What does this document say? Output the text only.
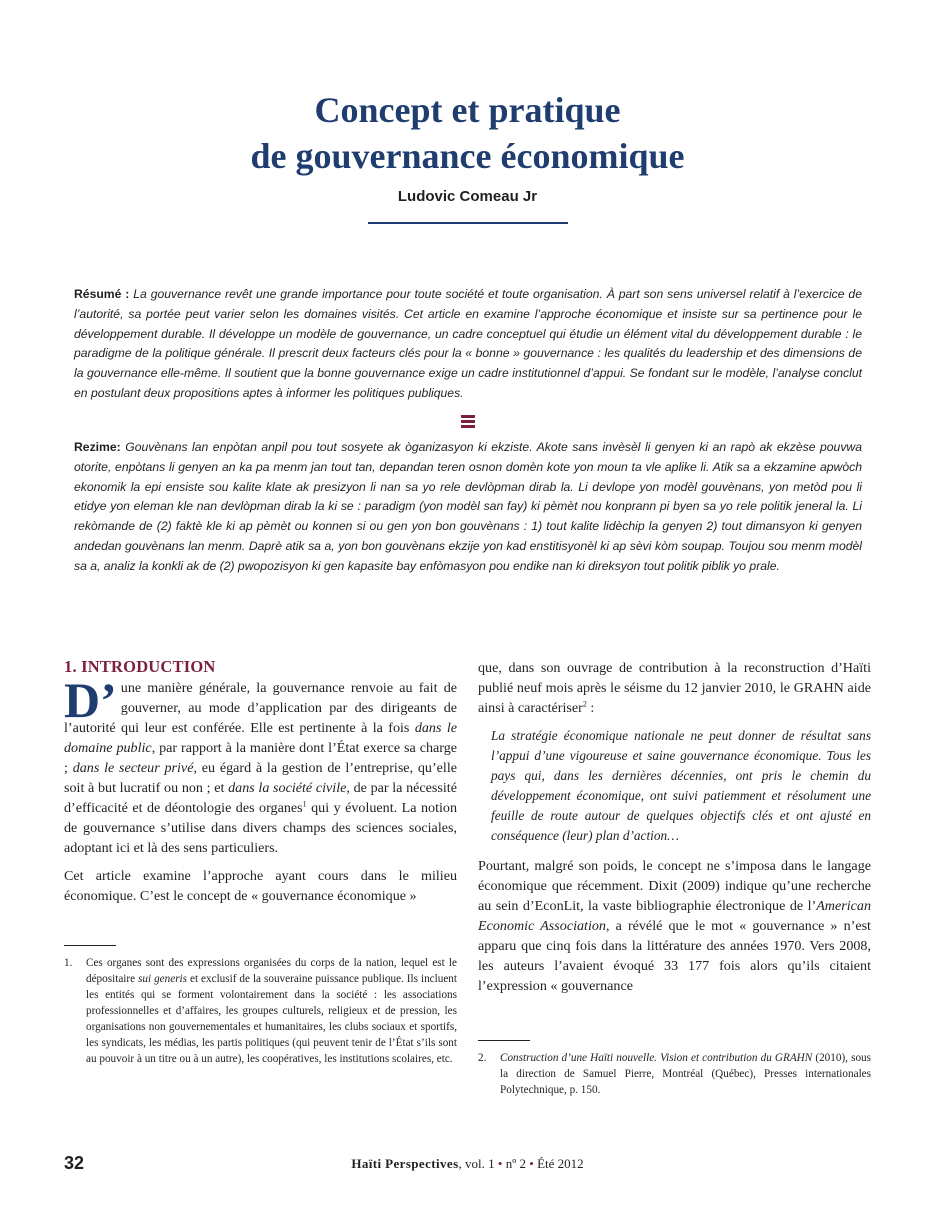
Concept et pratique
de gouvernance économique
Ludovic Comeau Jr

Résumé : La gouvernance revêt une grande importance pour toute société et toute organisation. À part son sens universel relatif à l’exercice de l’autorité, sa portée peut varier selon les domaines visités. Cet article en examine l’approche économique et insiste sur sa pertinence pour le développement durable. Il développe un modèle de gouvernance, un cadre conceptuel qui étudie un élément vital du développement durable : le paradigme de la politique générale. Il prescrit deux facteurs clés pour la « bonne » gouvernance : les qualités du leadership et des dimensions de la gouvernance elle-même. Il soutient que la bonne gouvernance exige un cadre institutionnel d’appui. Se fondant sur le modèle, l’analyse conclut en postulant deux propositions aptes à informer les politiques publiques.

Rezime: Gouvènans lan enpòtan anpil pou tout sosyete ak òganizasyon ki ekziste. Akote sans invèsèl li genyen ki an rapò ak ekzèse pouvwa otorite, enpòtans li genyen an ka pa menm jan tout tan, depandan teren osnon domèn kote yon moun ta vle aplike li. Atik sa a ekzamine apwòch ekonomik la epi ensiste sou kalite klate ak presizyon li nan sa yo rele devlòpman dirab la. Li devlope yon modèl gouvènans, yon metòd pou li etidye yon eleman kle nan devlòpman dirab la ki se : paradigm (yon modèl san fay) ki pèmèt nou konprann pi byen sa yo rele politik jeneral la. Li rekòmande de (2) faktè kle ki ap pèmèt ou konnen si ou gen yon bon gouvènans : 1) tout kalite lidèchip la genyen 2) tout dimansyon ki genyen andedan gouvènans lan menm. Daprè atik sa a, yon bon gouvènans ekzije yon kad enstitisyonèl ki ap sèvi kòm soupap. Toujou sou menm modèl sa a, analiz la konkli ak de (2) pwopozisyon ki gen kapasite bay enfòmasyon pou endike nan ki direksyon tout politik piblik yo prale.

1. INTRODUCTION

D’ une manière générale, la gouvernance renvoie au fait de gouverner, au mode d’application par des dirigeants de l’autorité qui leur est conférée. Elle est pertinente à la fois dans le domaine public, par rapport à la manière dont l’État exerce sa charge ; dans le secteur privé, eu égard à la gestion de l’entreprise, qu’elle soit à but lucratif ou non ; et dans la société civile, de par la nécessité d’efficacité et de déontologie des organes$^1$ qui y évoluent. La notion de gouvernance s’utilise dans divers champs des sciences sociales, adoptant ici et là des sens particuliers.

Cet article examine l’approche ayant cours dans le milieu économique. C’est le concept de « gouvernance économique »

1.	Ces organes sont des expressions organisées du corps de la nation, lequel est le dépositaire sui generis et exclusif de la souveraine puissance publique. Ils incluent les entités qui se forment volontairement dans la société : les associations professionnelles et d’affaires, les groupes culturels, religieux et de pression, les organisations non gouvernementales et humanitaires, les clubs sociaux et sportifs, les syndicats, les médias, les partis politiques (qui peuvent tenir de l’État s’ils sont au pouvoir à un titre ou à un autre), les coopératives, les institutions scolaires, etc.

que, dans son ouvrage de contribution à la reconstruction d’Haïti publié neuf mois après le séisme du 12 janvier 2010, le GRAHN aide ainsi à caractériser$^2$ :

La stratégie économique nationale ne peut donner de résultat sans l’appui d’une vigoureuse et saine gouvernance économique. Tous les pays qui, dans les dernières décennies, ont pris le chemin du développement économique, ont suivi patiemment et résolument une feuille de route autour de quelques objectifs clés et ont ajusté en conséquence (leur) plan d’action…

Pourtant, malgré son poids, le concept ne s’imposa dans le langage économique que récemment. Dixit (2009) indique qu’une recherche au sein d’EconLit, la vaste bibliographie électronique de l’American Economic Association, a révélé que le mot « gouvernance » n’est apparu que cinq fois dans la littérature des années 1970. Vers 2008, les auteurs l’avaient évoqué 33 177 fois alors qu’ils citaient l’expression « gouvernance

2.	Construction d’une Haïti nouvelle. Vision et contribution du GRAHN (2010), sous la direction de Samuel Pierre, Montréal (Québec), Presses internationales Polytechnique, p. 150.
32	Haïti Perspectives, vol. 1 • nº 2 • Été 2012
